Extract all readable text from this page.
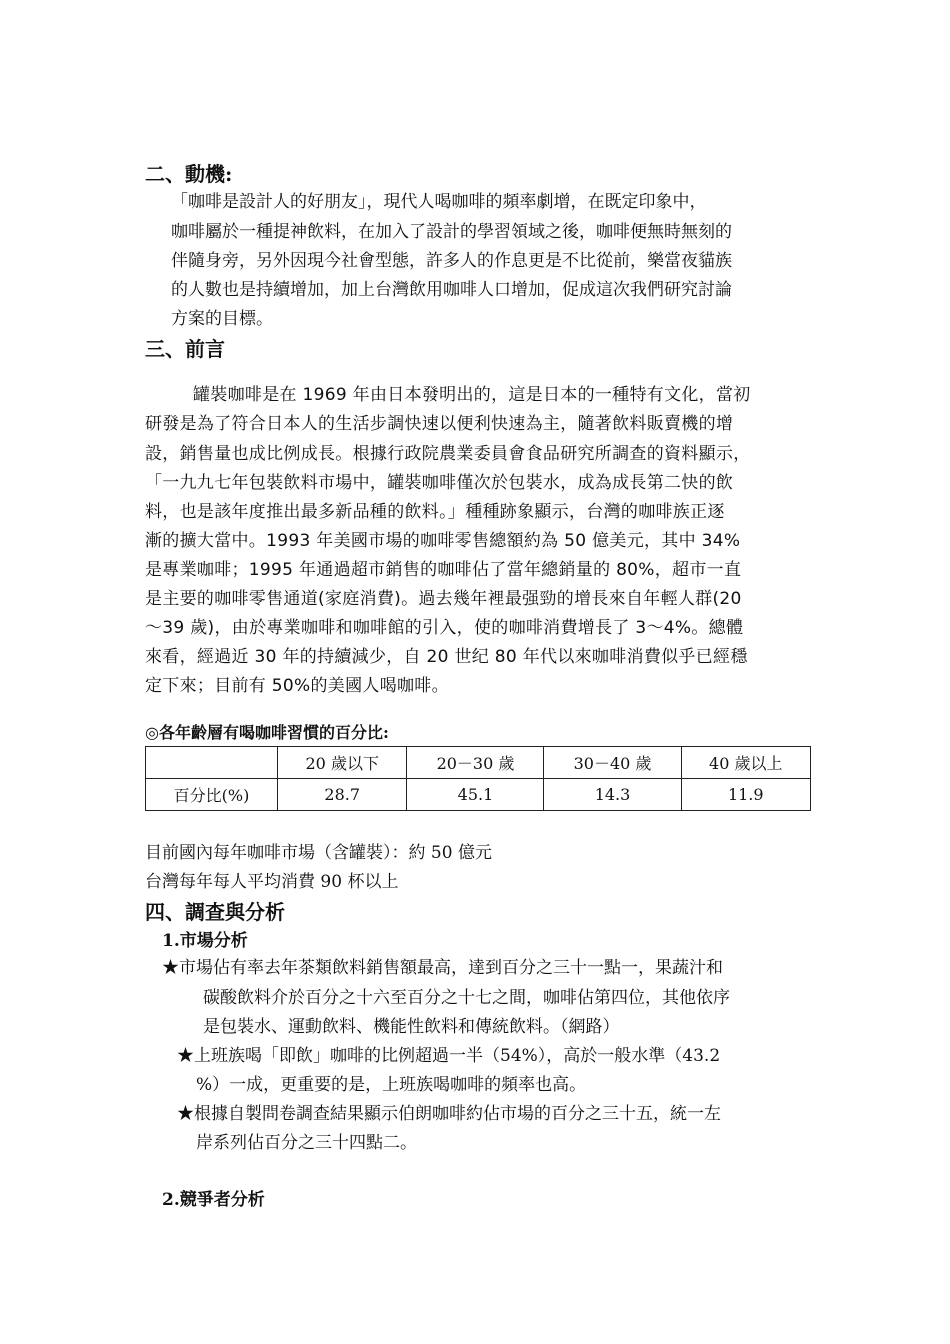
二、動機:
「咖啡是設計人的好朋友」，現代人喝咖啡的頻率劇增，在既定印象中，
咖啡屬於一種提神飲料，在加入了設計的學習領域之後，咖啡便無時無刻的
伴隨身旁，另外因現今社會型態，許多人的作息更是不比從前，樂當夜貓族
的人數也是持續增加，加上台灣飲用咖啡人口增加，促成這次我們研究討論
方案的目標。
三、前言
罐裝咖啡是在 1969 年由日本發明出的，這是日本的一種特有文化，當初
研發是為了符合日本人的生活步調快速以便利快速為主，隨著飲料販賣機的增
設，銷售量也成比例成長。根據行政院農業委員會食品研究所調查的資料顯示，
「一九九七年包裝飲料市場中，罐裝咖啡僅次於包裝水，成為成長第二快的飲
料，也是該年度推出最多新品種的飲料。」種種跡象顯示，台灣的咖啡族正逐
漸的擴大當中。1993 年美國市場的咖啡零售總額約為 50 億美元，其中 34%
是專業咖啡；1995 年通過超市銷售的咖啡佔了當年總銷量的 80%，超市一直
是主要的咖啡零售通道(家庭消費)。過去幾年裡最强勁的增長來自年輕人群(20
～39 歲)，由於專業咖啡和咖啡館的引入，使的咖啡消費增長了 3～4%。總體
來看，經過近 30 年的持續減少，自 20 世纪 80 年代以來咖啡消費似乎已經穩
定下來；目前有 50%的美國人喝咖啡。
◎各年齡層有喝咖啡習慣的百分比:
	20 歲以下	20－30 歲	30－40 歲	40 歲以上
百分比(%)	28.7	45.1	14.3	11.9
目前國內每年咖啡市場（含罐裝）：約 50 億元
台灣每年每人平均消費 90 杯以上
四、調查與分析
1.市場分析
★市場佔有率去年茶類飲料銷售額最高，達到百分之三十一點一，果蔬汁和
碳酸飲料介於百分之十六至百分之十七之間，咖啡佔第四位，其他依序
是包裝水、運動飲料、機能性飲料和傳統飲料。（網路）
★上班族喝「即飲」咖啡的比例超過一半（54%），高於一般水準（43.2
%）一成，更重要的是，上班族喝咖啡的頻率也高。
★根據自製問卷調查結果顯示伯朗咖啡約佔市場的百分之三十五，統一左
岸系列佔百分之三十四點二。
2.競爭者分析
